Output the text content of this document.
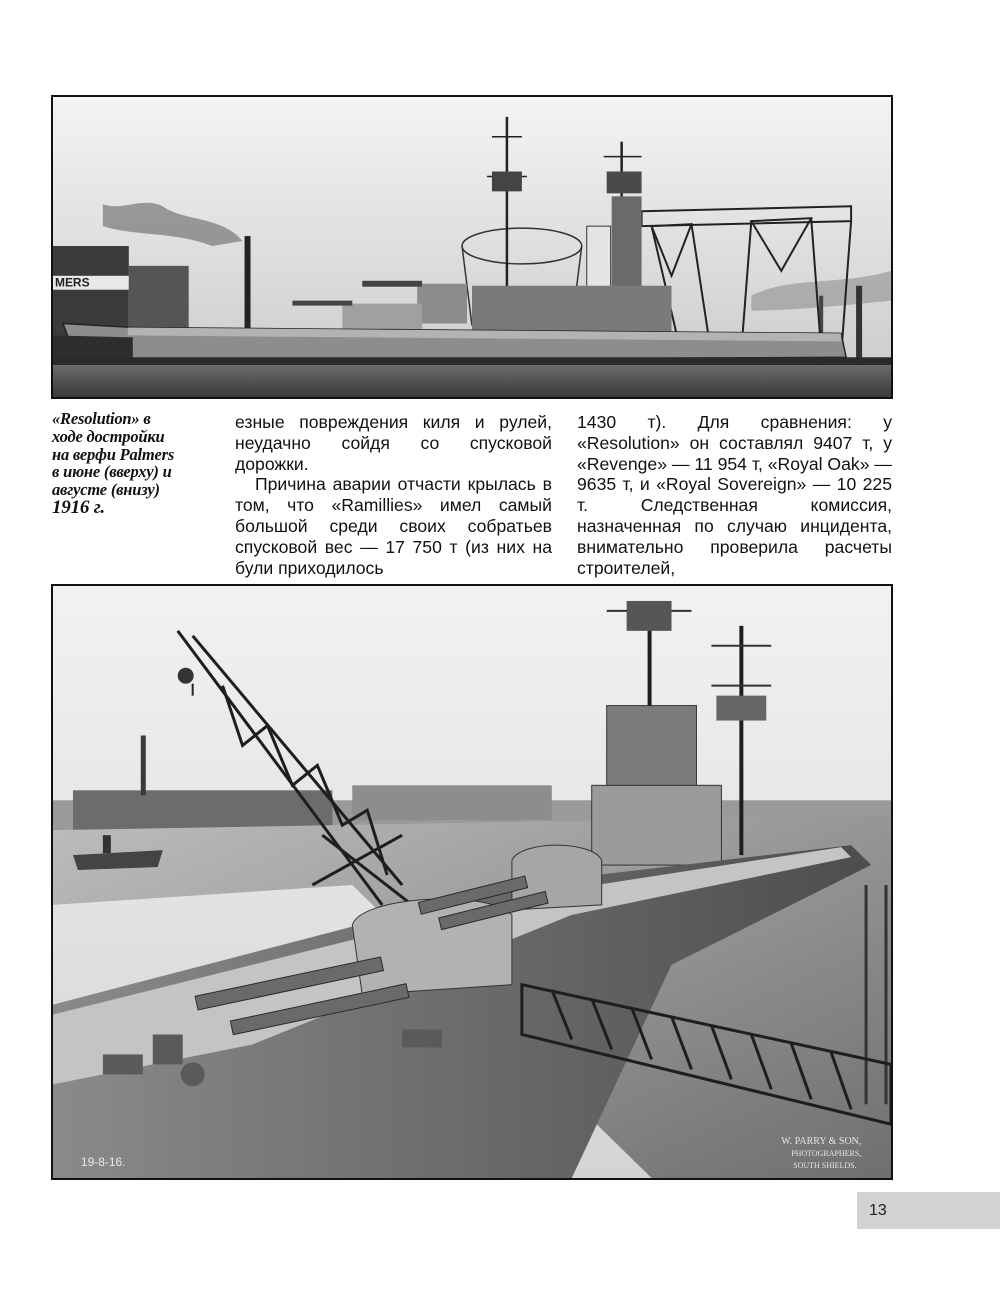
MERS
«Resolution» в
ходе достройки
на верфи Palmers
в июне (вверху) и
августе (внизу)
1916 г.

езные повреждения киля и рулей, неудачно сойдя со спусковой дорожки.

Причина аварии отчасти крылась в том, что «Ramillies» имел самый большой среди своих собратьев спусковой вес — 17 750 т (из них на були приходилось

1430 т). Для сравнения: у «Resolution» он составлял 9407 т, у «Revenge» — 11 954 т, «Royal Oak» — 9635 т, и «Royal Sovereign» — 10 225 т. Следственная комиссия, назначенная по случаю инцидента, внимательно проверила расчеты строителей,

19-8-16.
W. PARRY & SON,
PHOTOGRAPHERS,
SOUTH SHIELDS.
13
